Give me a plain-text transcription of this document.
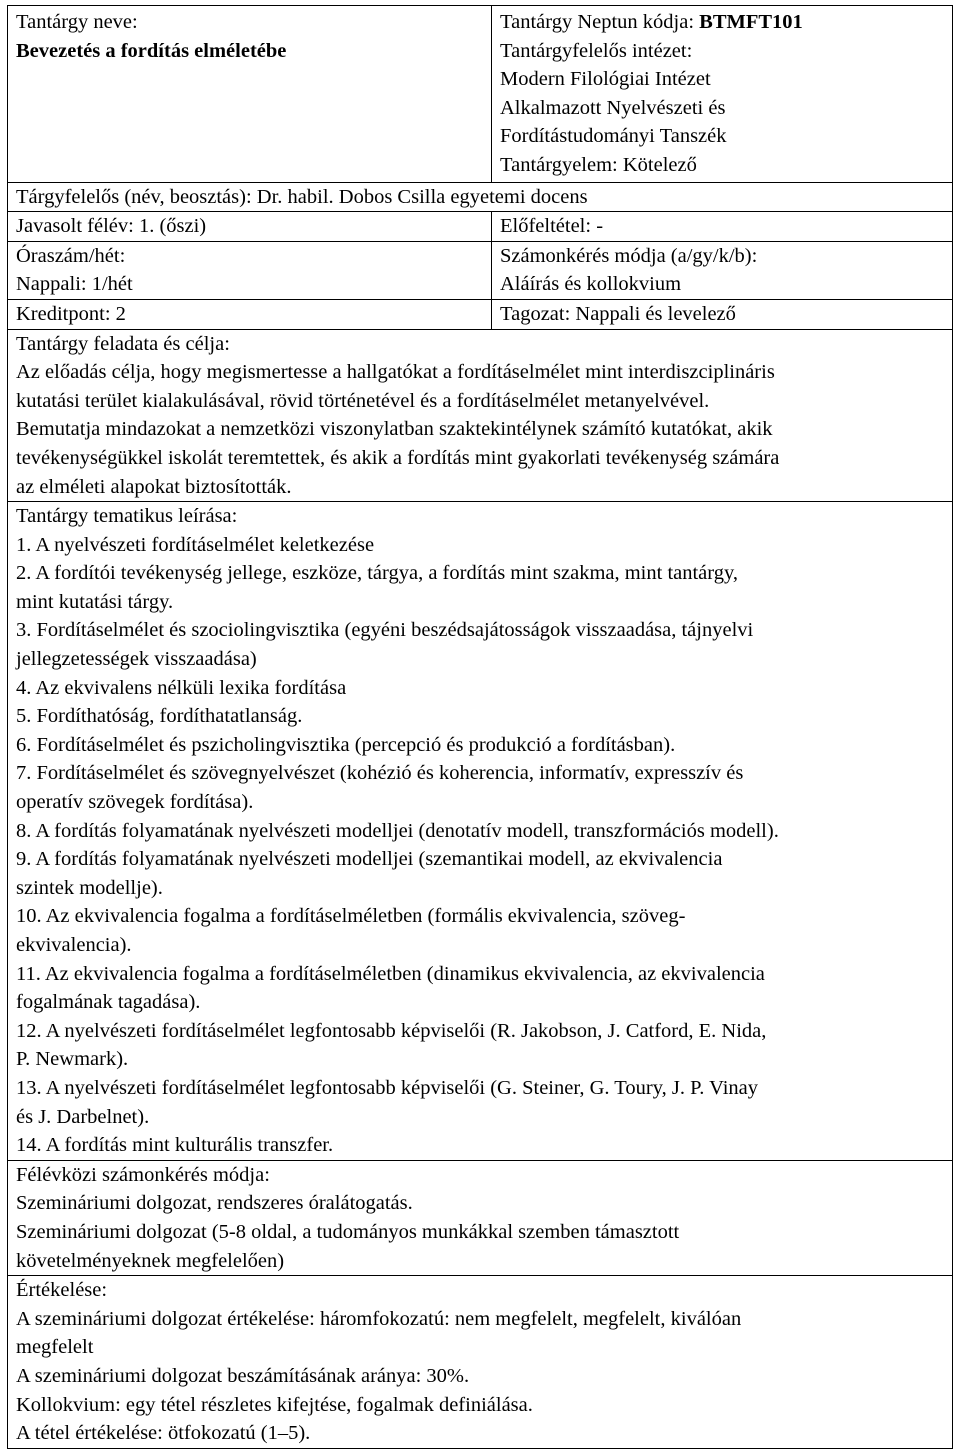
Tantárgy neve:
Bevezetés a fordítás elméletébe
Tantárgy Neptun kódja: BTMFT101
Tantárgyfelelős intézet:
Modern Filológiai Intézet
Alkalmazott Nyelvészeti és
Fordítástudományi Tanszék
Tantárgyelem: Kötelező
Tárgyfelelős (név, beosztás): Dr. habil. Dobos Csilla egyetemi docens
Javasolt félév: 1. (őszi)	Előfeltétel: -
Óraszám/hét:
Nappali: 1/hét
Számonkérés módja (a/gy/k/b):
Aláírás és kollokvium
Kreditpont: 2	Tagozat: Nappali és levelező
Tantárgy feladata és célja:
Az előadás célja, hogy megismertesse a hallgatókat a fordításelmélet mint interdiszciplináris
kutatási terület kialakulásával, rövid történetével és a fordításelmélet metanyelvével.
Bemutatja mindazokat a nemzetközi viszonylatban szaktekintélynek számító kutatókat, akik
tevékenységükkel iskolát teremtettek, és akik a fordítás mint gyakorlati tevékenység számára
az elméleti alapokat biztosították.
Tantárgy tematikus leírása:
1. A nyelvészeti fordításelmélet keletkezése
2. A fordítói tevékenység jellege, eszköze, tárgya, a fordítás mint szakma, mint tantárgy,
mint kutatási tárgy.
3. Fordításelmélet és szociolingvisztika (egyéni beszédsajátosságok visszaadása, tájnyelvi
jellegzetességek visszaadása)
4. Az ekvivalens nélküli lexika fordítása
5. Fordíthatóság, fordíthatatlanság.
6. Fordításelmélet és pszicholingvisztika (percepció és produkció a fordításban).
7. Fordításelmélet és szövegnyelvészet (kohézió és koherencia, informatív, expresszív és
operatív szövegek fordítása).
8. A fordítás folyamatának nyelvészeti modelljei (denotatív modell, transzformációs modell).
9. A fordítás folyamatának nyelvészeti modelljei (szemantikai modell, az ekvivalencia
szintek modellje).
10. Az ekvivalencia fogalma a fordításelméletben (formális ekvivalencia, szöveg-
ekvivalencia).
11. Az ekvivalencia fogalma a fordításelméletben (dinamikus ekvivalencia, az ekvivalencia
fogalmának tagadása).
12. A nyelvészeti fordításelmélet legfontosabb képviselői (R. Jakobson, J. Catford, E. Nida,
P. Newmark).
13. A nyelvészeti fordításelmélet legfontosabb képviselői (G. Steiner, G. Toury, J. P. Vinay
és J. Darbelnet).
14. A fordítás mint kulturális transzfer.
Félévközi számonkérés módja:
Szemináriumi dolgozat, rendszeres óralátogatás.
Szemináriumi dolgozat (5-8 oldal, a tudományos munkákkal szemben támasztott
követelményeknek megfelelően)
Értékelése:
A szemináriumi dolgozat értékelése: háromfokozatú: nem megfelelt, megfelelt, kiválóan
megfelelt
A szemináriumi dolgozat beszámításának aránya: 30%.
Kollokvium: egy tétel részletes kifejtése, fogalmak definiálása.
A tétel értékelése: ötfokozatú (1–5).
